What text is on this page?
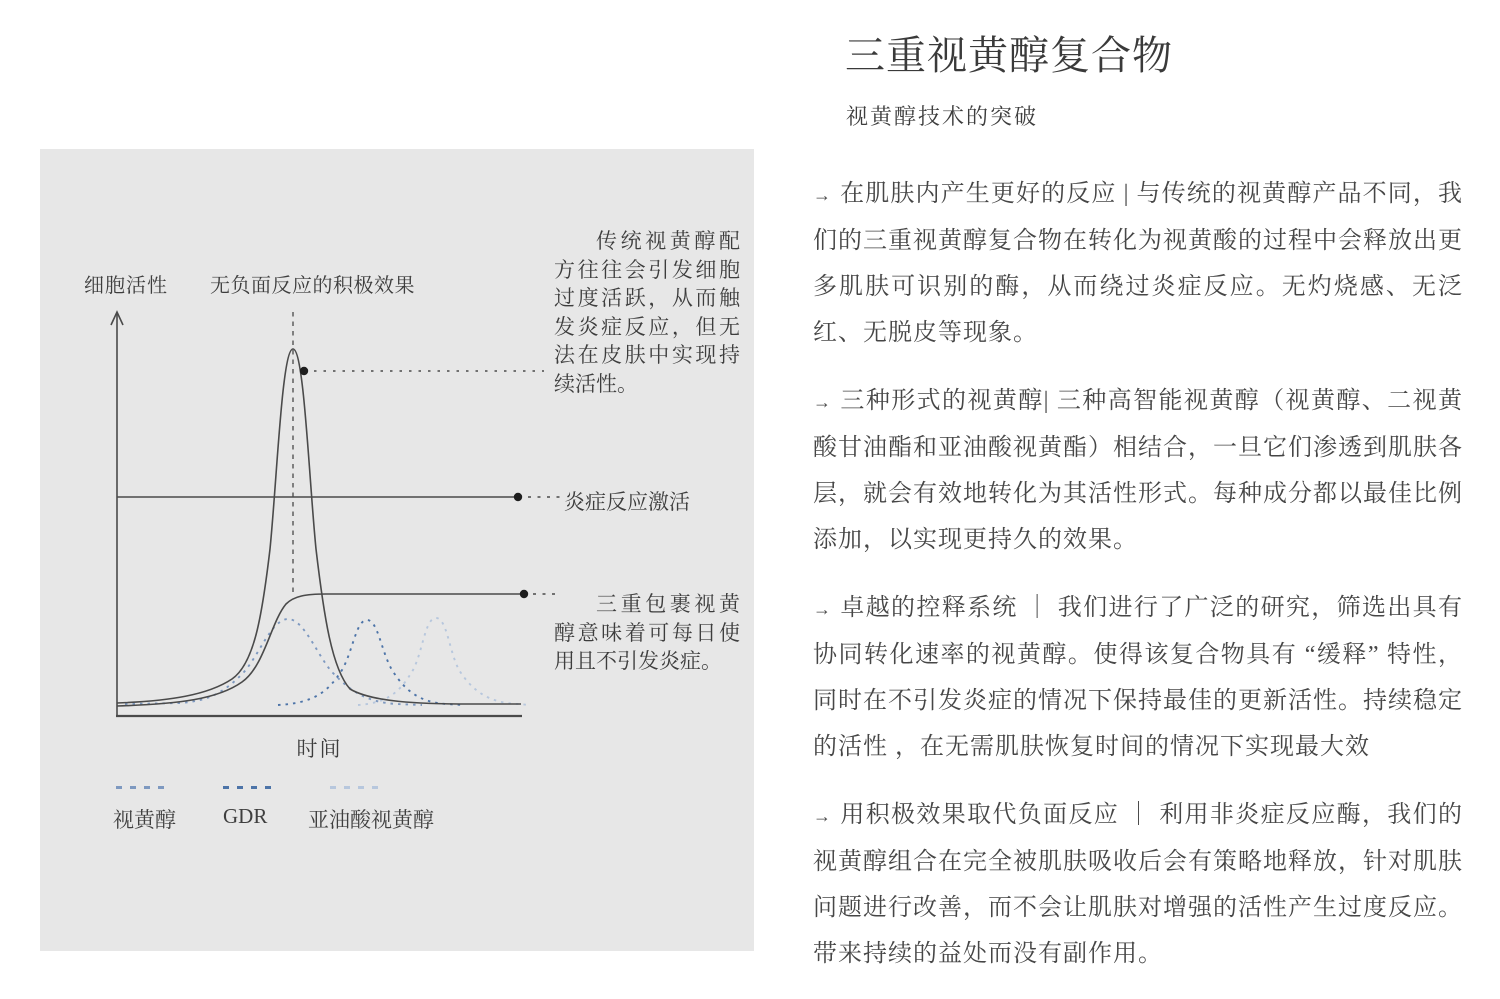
细胞活性 无负面反应的积极效果
传统视黄醇配方往往会引发细胞过度活跃，从而触发炎症反应，但无法在皮肤中实现持续活性。
炎症反应激活
三重包裹视黄醇意味着可每日使用且不引发炎症。
时间
视黄醇 GDR 亚油酸视黄醇
三重视黄醇复合物
视黄醇技术的突破

→ 在肌肤内产生更好的反应 | 与传统的视黄醇产品不同，我们的三重视黄醇复合物在转化为视黄酸的过程中会释放出更多肌肤可识别的酶，从而绕过炎症反应。无灼烧感、无泛红、无脱皮等现象。

→ 三种形式的视黄醇| 三种高智能视黄醇（视黄醇、二视黄酸甘油酯和亚油酸视黄酯）相结合，一旦它们渗透到肌肤各层，就会有效地转化为其活性形式。每种成分都以最佳比例添加，以实现更持久的效果。

→ 卓越的控释系统 ｜ 我们进行了广泛的研究，筛选出具有协同转化速率的视黄醇。使得该复合物具有 “缓释” 特性，同时在不引发炎症的情况下保持最佳的更新活性。持续稳定的活性 ，在无需肌肤恢复时间的情况下实现最大效

→ 用积极效果取代负面反应 ｜ 利用非炎症反应酶，我们的视黄醇组合在完全被肌肤吸收后会有策略地释放，针对肌肤问题进行改善，而不会让肌肤对增强的活性产生过度反应。带来持续的益处而没有副作用。
